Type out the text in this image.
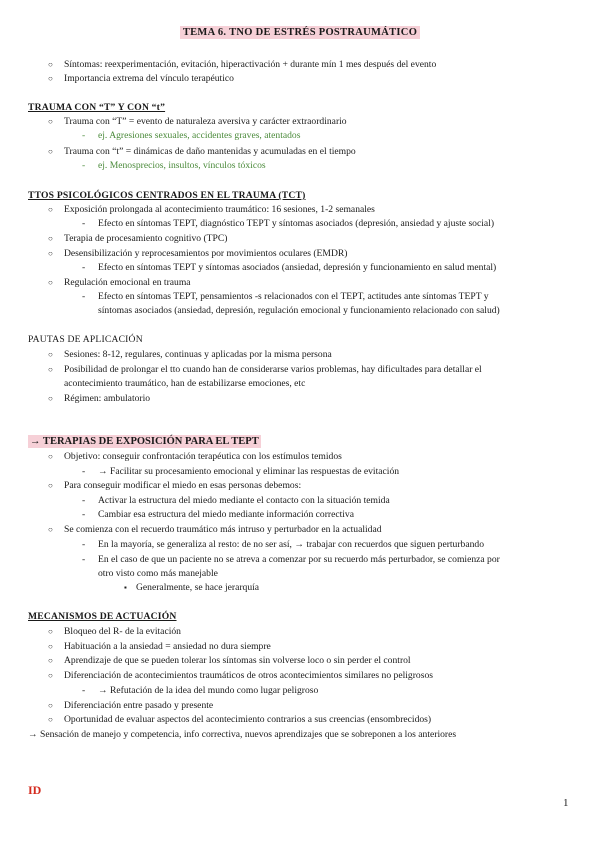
TEMA 6. TNO DE ESTRÉS POSTRAUMÁTICO
○ Síntomas: reexperimentación, evitación, hiperactivación + durante mín 1 mes después del evento
○ Importancia extrema del vínculo terapéutico
TRAUMA CON “T” Y CON “t”
○ Trauma con “T” = evento de naturaleza aversiva y carácter extraordinario
- ej. Agresiones sexuales, accidentes graves, atentados
○ Trauma con “t” = dinámicas de daño mantenidas y acumuladas en el tiempo
- ej. Menosprecios, insultos, vínculos tóxicos
TTOS PSICOLÓGICOS CENTRADOS EN EL TRAUMA (TCT)
○ Exposición prolongada al acontecimiento traumático: 16 sesiones, 1-2 semanales
- Efecto en síntomas TEPT, diagnóstico TEPT y síntomas asociados (depresión, ansiedad y ajuste social)
○ Terapia de procesamiento cognitivo (TPC)
○ Desensibilización y reprocesamientos por movimientos oculares (EMDR)
- Efecto en síntomas TEPT y síntomas asociados (ansiedad, depresión y funcionamiento en salud mental)
○ Regulación emocional en trauma
- Efecto en síntomas TEPT, pensamientos -s relacionados con el TEPT, actitudes ante síntomas TEPT y
síntomas asociados (ansiedad, depresión, regulación emocional y funcionamiento relacionado con salud)
PAUTAS DE APLICACIÓN
○ Sesiones: 8-12, regulares, continuas y aplicadas por la misma persona
○ Posibilidad de prolongar el tto cuando han de considerarse varios problemas, hay dificultades para detallar el
acontecimiento traumático, han de estabilizarse emociones, etc
○ Régimen: ambulatorio
→ TERAPIAS DE EXPOSICIÓN PARA EL TEPT
○ Objetivo: conseguir confrontación terapéutica con los estímulos temidos
- → Facilitar su procesamiento emocional y eliminar las respuestas de evitación
○ Para conseguir modificar el miedo en esas personas debemos:
- Activar la estructura del miedo mediante el contacto con la situación temida
- Cambiar esa estructura del miedo mediante información correctiva
○ Se comienza con el recuerdo traumático más intruso y perturbador en la actualidad
- En la mayoría, se generaliza al resto: de no ser así, → trabajar con recuerdos que siguen perturbando
- En el caso de que un paciente no se atreva a comenzar por su recuerdo más perturbador, se comienza por
otro visto como más manejable
▪ Generalmente, se hace jerarquía
MECANISMOS DE ACTUACIÓN
○ Bloqueo del R- de la evitación
○ Habituación a la ansiedad = ansiedad no dura siempre
○ Aprendizaje de que se pueden tolerar los síntomas sin volverse loco o sin perder el control
○ Diferenciación de acontecimientos traumáticos de otros acontecimientos similares no peligrosos
- → Refutación de la idea del mundo como lugar peligroso
○ Diferenciación entre pasado y presente
○ Oportunidad de evaluar aspectos del acontecimiento contrarios a sus creencias (ensombrecidos)
→ Sensación de manejo y competencia, info correctiva, nuevos aprendizajes que se sobreponen a los anteriores
ID
1
